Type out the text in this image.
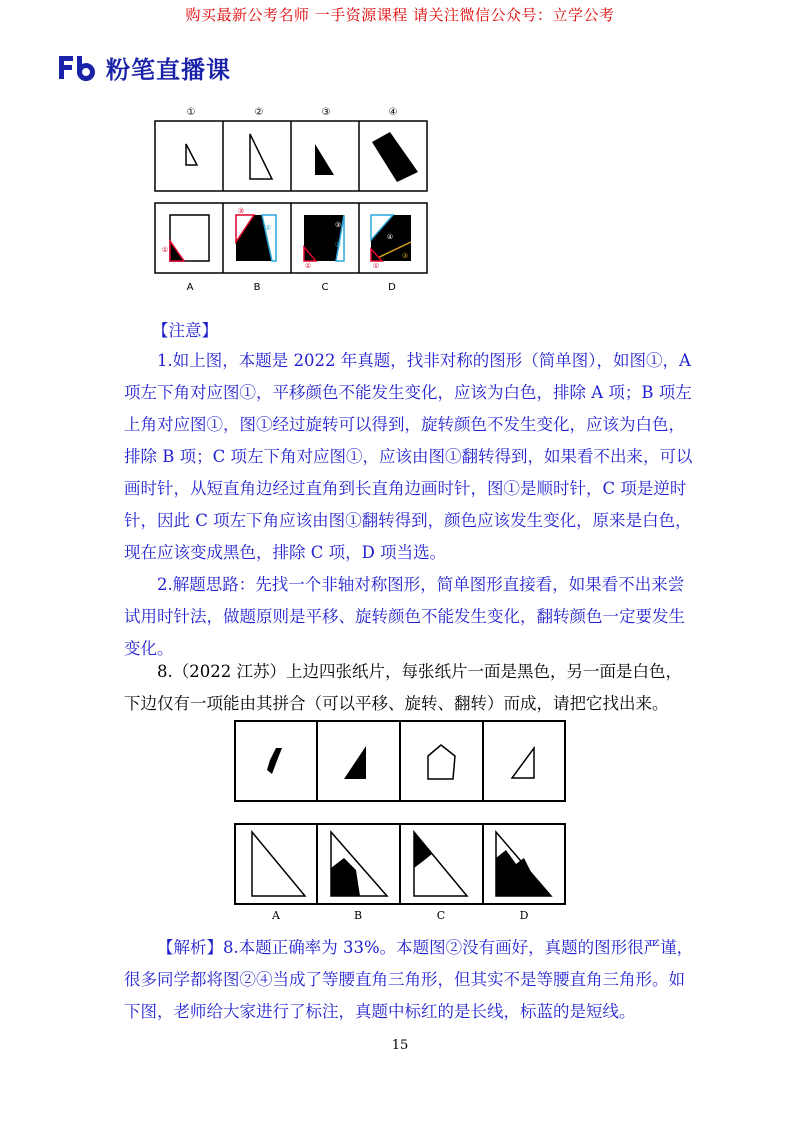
购买最新公考名师 一手资源课程 请关注微信公众号：立学公考
粉笔直播课
①	②	③	④
①
③
②
①
③
②
④
①
③
A	B	C	D
【注意】
1.如上图，本题是 2022 年真题，找非对称的图形（简单图），如图①，A 项左下角对应图①，平移颜色不能发生变化，应该为白色，排除 A 项；B 项左上角对应图①，图①经过旋转可以得到，旋转颜色不发生变化，应该为白色，排除 B 项；C 项左下角对应图①，应该由图①翻转得到，如果看不出来，可以画时针，从短直角边经过直角到长直角边画时针，图①是顺时针，C 项是逆时针，因此 C 项左下角应该由图①翻转得到，颜色应该发生变化，原来是白色，现在应该变成黑色，排除 C 项，D 项当选。
2.解题思路：先找一个非轴对称图形，简单图形直接看，如果看不出来尝试用时针法，做题原则是平移、旋转颜色不能发生变化，翻转颜色一定要发生变化。
8.（2022 江苏）上边四张纸片，每张纸片一面是黑色，另一面是白色，下边仅有一项能由其拼合（可以平移、旋转、翻转）而成，请把它找出来。
A	B	C	D
【解析】8.本题正确率为 33%。本题图②没有画好，真题的图形很严谨，很多同学都将图②④当成了等腰直角三角形，但其实不是等腰直角三角形。如下图，老师给大家进行了标注，真题中标红的是长线，标蓝的是短线。
15
